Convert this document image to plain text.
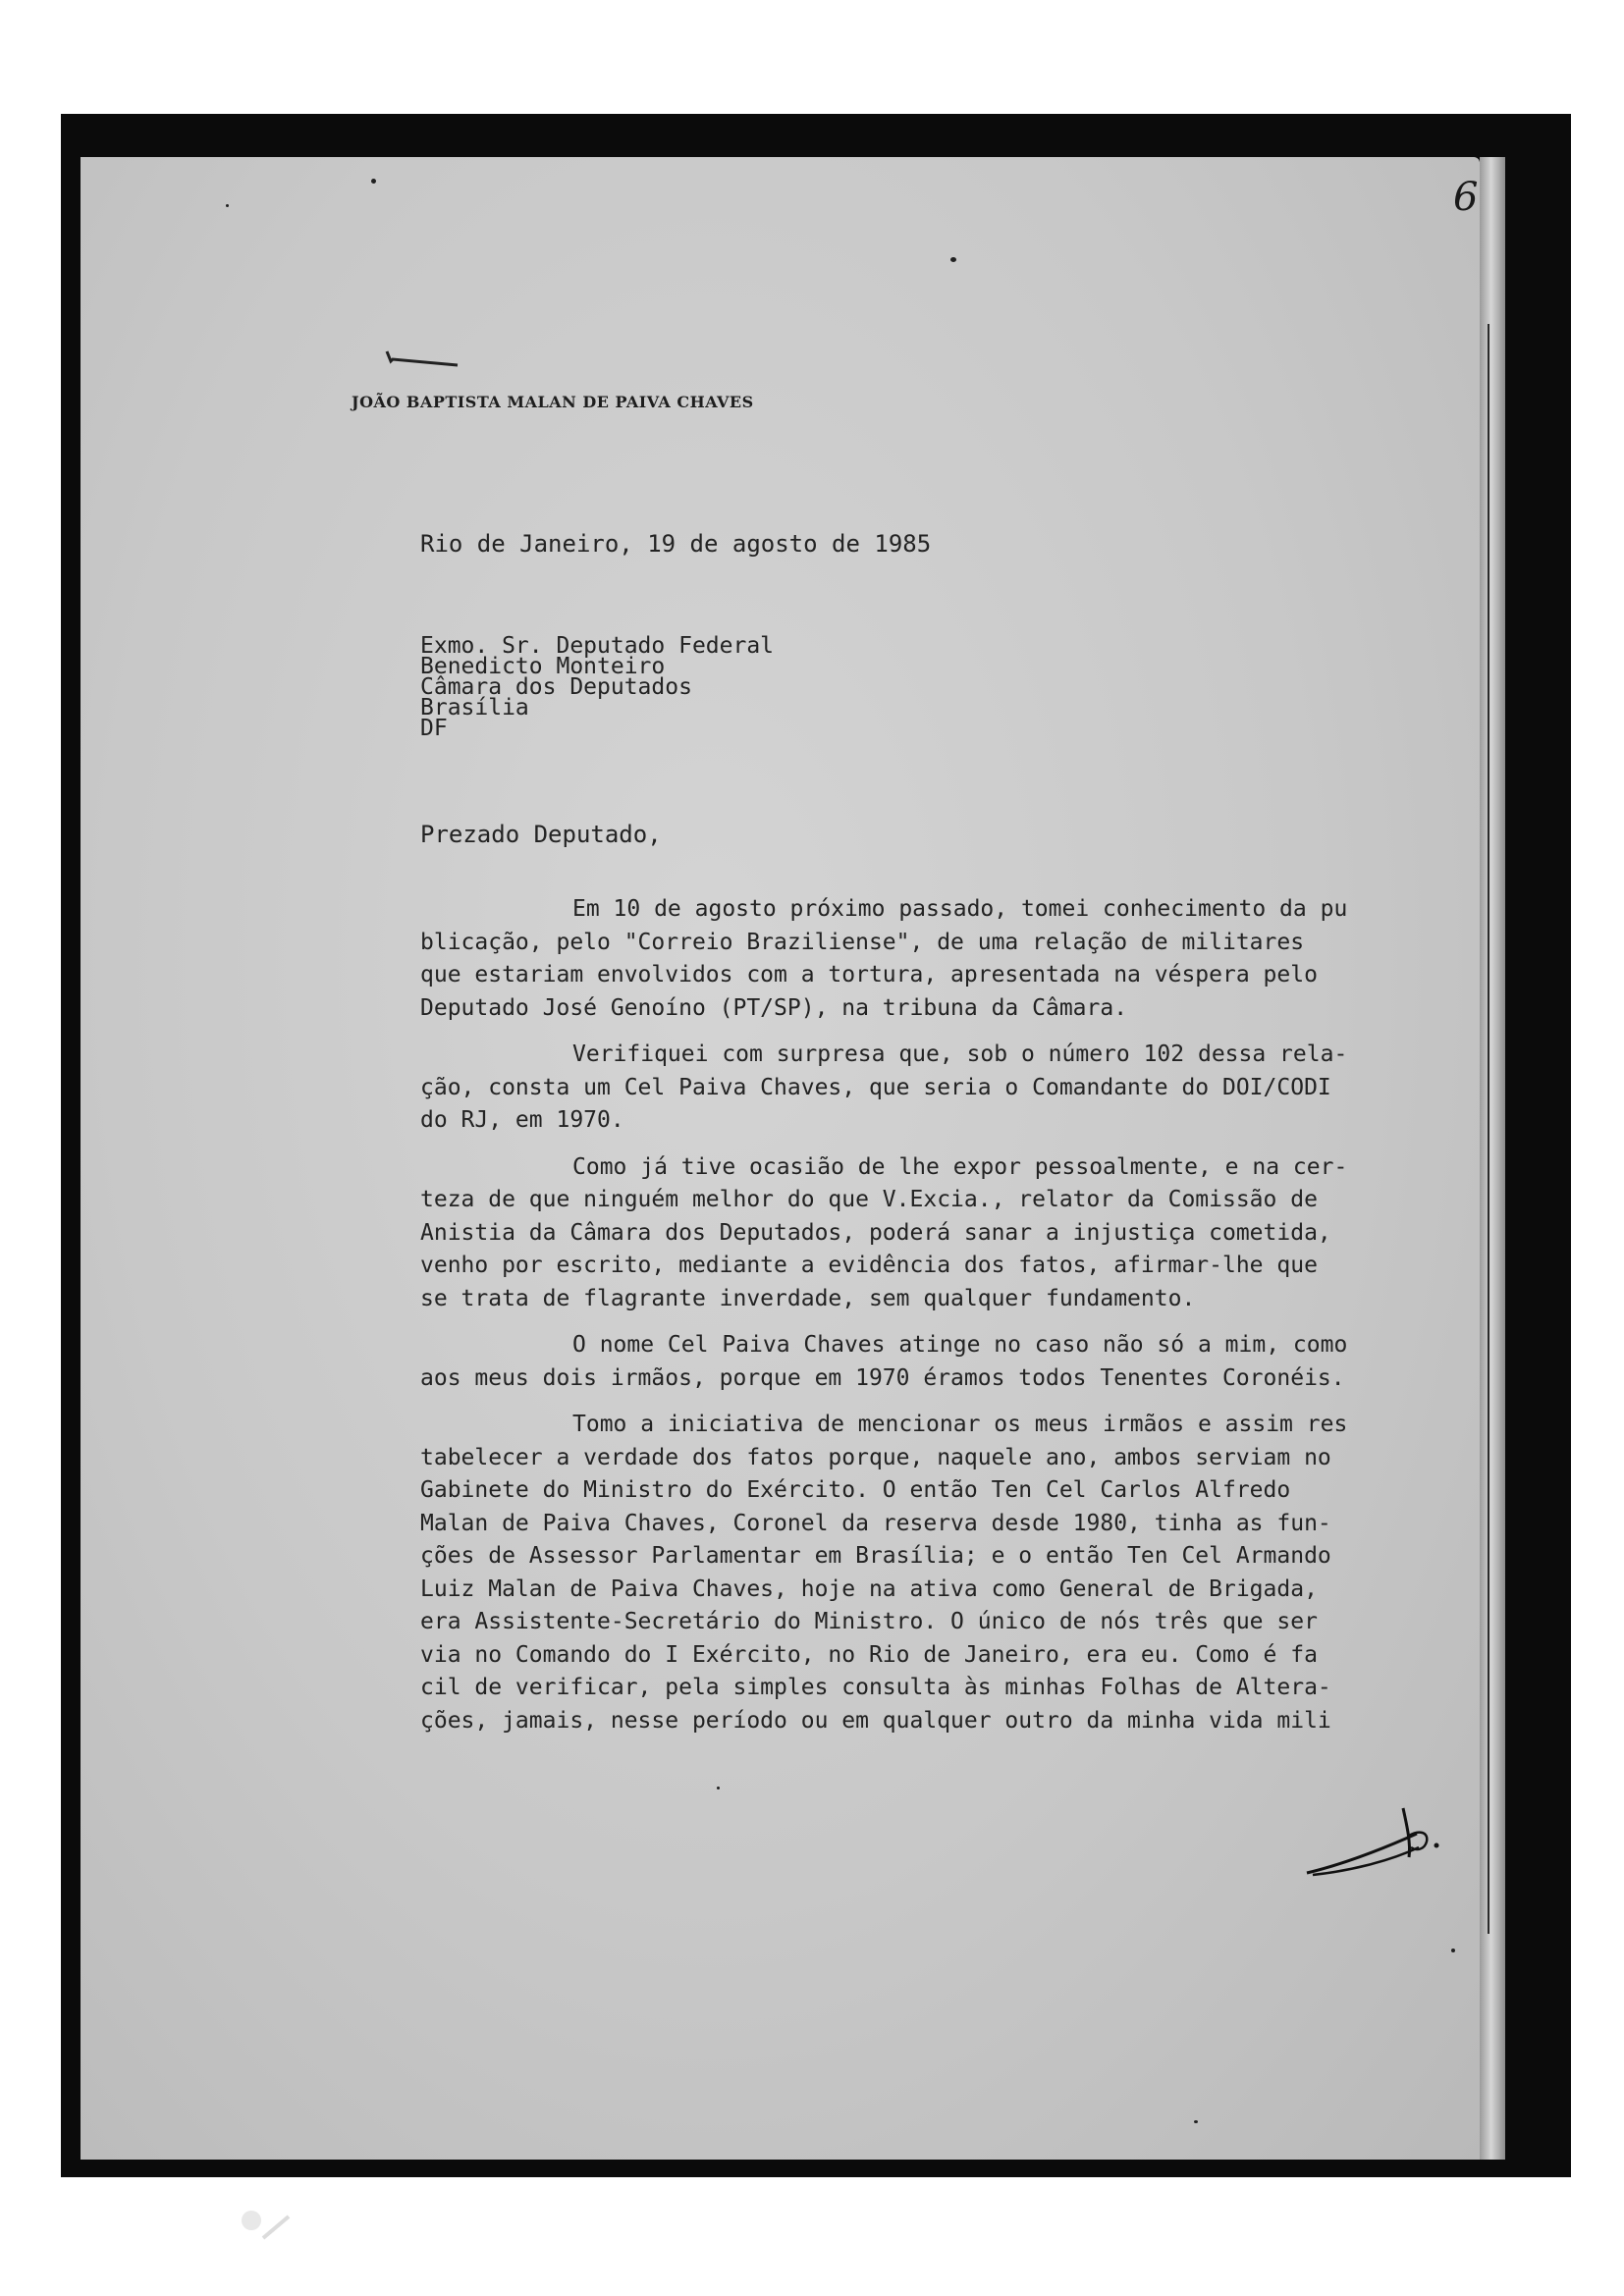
6
JOÃO BAPTISTA MALAN DE PAIVA CHAVES
Rio de Janeiro, 19 de agosto de 1985
Exmo. Sr. Deputado Federal
Benedicto Monteiro
Câmara dos Deputados
Brasília
DF
Prezado Deputado,
Em 10 de agosto próximo passado, tomei conhecimento da pu
blicação, pelo "Correio Braziliense", de uma relação de militares
que estariam envolvidos com a tortura, apresentada na véspera pelo
Deputado José Genoíno (PT/SP), na tribuna da Câmara.
Verifiquei com surpresa que, sob o número 102 dessa rela-
ção, consta um Cel Paiva Chaves, que seria o Comandante do DOI/CODI
do RJ, em 1970.
Como já tive ocasião de lhe expor pessoalmente, e na cer-
teza de que ninguém melhor do que V.Excia., relator da Comissão de
Anistia da Câmara dos Deputados, poderá sanar a injustiça cometida,
venho por escrito, mediante a evidência dos fatos, afirmar-lhe que
se trata de flagrante inverdade, sem qualquer fundamento.
O nome Cel Paiva Chaves atinge no caso não só a mim, como
aos meus dois irmãos, porque em 1970 éramos todos Tenentes Coronéis.
Tomo a iniciativa de mencionar os meus irmãos e assim res
tabelecer a verdade dos fatos porque, naquele ano, ambos serviam no
Gabinete do Ministro do Exército. O então Ten Cel Carlos Alfredo
Malan de Paiva Chaves, Coronel da reserva desde 1980, tinha as fun-
ções de Assessor Parlamentar em Brasília; e o então Ten Cel Armando
Luiz Malan de Paiva Chaves, hoje na ativa como General de Brigada,
era Assistente-Secretário do Ministro. O único de nós três que ser
via no Comando do I Exército, no Rio de Janeiro, era eu. Como é fa
cil de verificar, pela simples consulta às minhas Folhas de Altera-
ções, jamais, nesse período ou em qualquer outro da minha vida mili
